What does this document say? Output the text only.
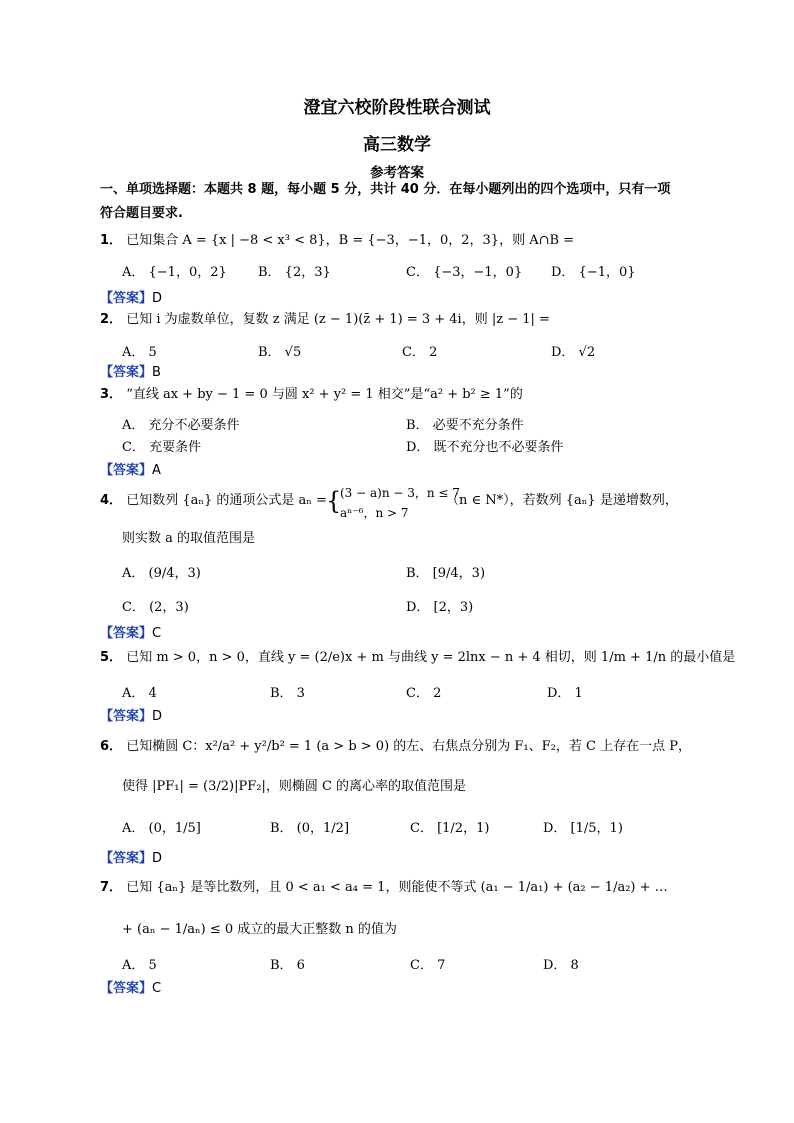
澄宜六校阶段性联合测试
高三数学
参考答案
一、单项选择题：本题共 8 题，每小题 5 分，共计 40 分．在每小题列出的四个选项中，只有一项
符合题目要求.
1． 已知集合 A = {x | −8 < x³ < 8}，B = {−3，−1，0，2，3}，则 A∩B =
A． {−1，0，2} B． {2，3}	C． {−3，−1，0} D． {−1，0}
【答案】D
2． 已知 i 为虚数单位，复数 z 满足 (z − 1)(z̄ + 1) = 3 + 4i，则 |z − 1| =
A． 5	B． √5	C． 2	D． √2
【答案】B
3． “直线 ax + by − 1 = 0 与圆 x² + y² = 1 相交”是“a² + b² ≥ 1”的
A． 充分不必要条件	B． 必要不充分条件
C． 充要条件	D． 既不充分也不必要条件
【答案】A
4． 已知数列 {aₙ} 的通项公式是 aₙ = {
(3 − a)n − 3，n ≤ 7
aⁿ⁻⁶，n > 7
（n ∈ N*），若数列 {aₙ} 是递增数列，
则实数 a 的取值范围是
A． (9/4，3)	B． [9/4，3)
C． (2，3)	D． [2，3)
【答案】C
5． 已知 m > 0，n > 0，直线 y = (2/e)x + m 与曲线 y = 2lnx − n + 4 相切，则 1/m + 1/n 的最小值是
A． 4	B． 3	C． 2	D． 1
【答案】D
6． 已知椭圆 C：x²/a² + y²/b² = 1 (a > b > 0) 的左、右焦点分别为 F₁、F₂，若 C 上存在一点 P，
使得 |PF₁| = (3/2)|PF₂|，则椭圆 C 的离心率的取值范围是
A． (0，1/5]	B． (0，1/2]	C． [1/2，1)	D． [1/5，1)
【答案】D
7． 已知 {aₙ} 是等比数列，且 0 < a₁ < a₄ = 1，则能使不等式 (a₁ − 1/a₁) + (a₂ − 1/a₂) + …
+ (aₙ − 1/aₙ) ≤ 0 成立的最大正整数 n 的值为
A． 5	B． 6	C． 7	D． 8
【答案】C
